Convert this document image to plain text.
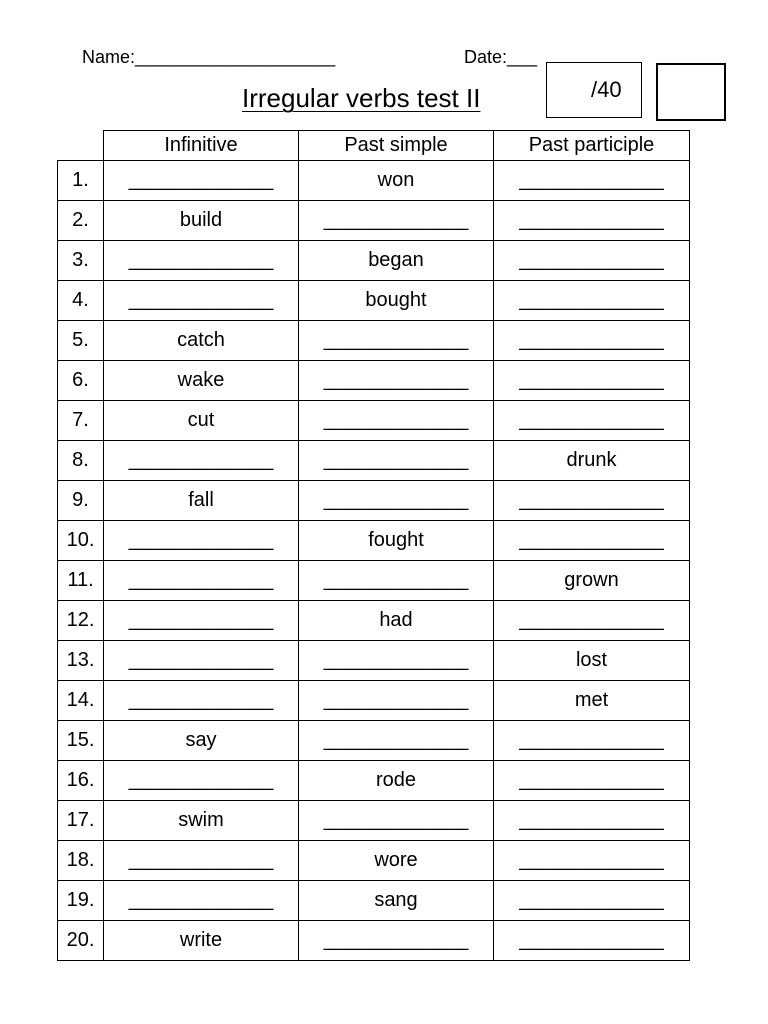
Name:____________________	Date:___
Irregular verbs test II	/40
	Infinitive	Past simple	Past participle
1.	_____________	won	_____________
2.	build	_____________	_____________
3.	_____________	began	_____________
4.	_____________	bought	_____________
5.	catch	_____________	_____________
6.	wake	_____________	_____________
7.	cut	_____________	_____________
8.	_____________	_____________	drunk
9.	fall	_____________	_____________
10.	_____________	fought	_____________
11.	_____________	_____________	grown
12.	_____________	had	_____________
13.	_____________	_____________	lost
14.	_____________	_____________	met
15.	say	_____________	_____________
16.	_____________	rode	_____________
17.	swim	_____________	_____________
18.	_____________	wore	_____________
19.	_____________	sang	_____________
20.	write	_____________	_____________
